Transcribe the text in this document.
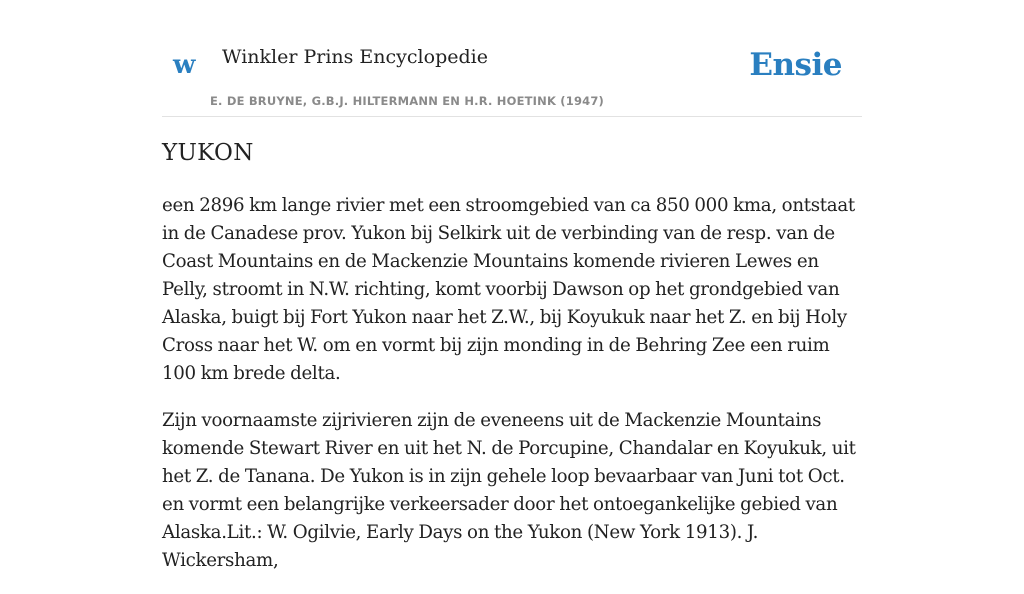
w Winkler Prins Encyclopedie
E. DE BRUYNE, G.B.J. HILTERMANN EN H.R. HOETINK (1947)
Ensie
YUKON

een 2896 km lange rivier met een stroomgebied van ca 850 000 kma, ontstaat in de Canadese prov. Yukon bij Selkirk uit de verbinding van de resp. van de Coast Mountains en de Mackenzie Mountains komende rivieren Lewes en Pelly, stroomt in N.W. richting, komt voorbij Dawson op het grondgebied van Alaska, buigt bij Fort Yukon naar het Z.W., bij Koyukuk naar het Z. en bij Holy Cross naar het W. om en vormt bij zijn monding in de Behring Zee een ruim 100 km brede delta.

Zijn voornaamste zijrivieren zijn de eveneens uit de Mackenzie Mountains komende Stewart River en uit het N. de Porcupine, Chandalar en Koyukuk, uit het Z. de Tanana. De Yukon is in zijn gehele loop bevaarbaar van Juni tot Oct. en vormt een belangrijke verkeersader door het ontoegankelijke gebied van Alaska.Lit.: W. Ogilvie, Early Days on the Yukon (New York 1913). J. Wickersham,
